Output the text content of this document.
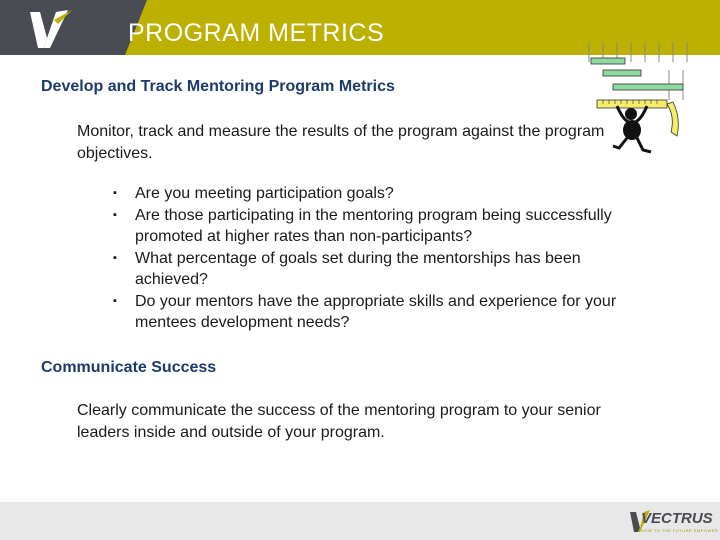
PROGRAM METRICS
Develop and Track Mentoring Program Metrics
Monitor, track and measure the results of the program against the program objectives.
▪ Are you meeting participation goals?
▪ Are those participating in the mentoring program being successfully promoted at higher rates than non-participants?
▪ What percentage of goals set during the mentorships has been achieved?
▪ Do your mentors have the appropriate skills and experience for your mentees development needs?
Communicate Success
Clearly communicate the success of the mentoring program to your senior leaders inside and outside of your program.
VECTRUS
HOW TO THE FUTURE EMPOWER
